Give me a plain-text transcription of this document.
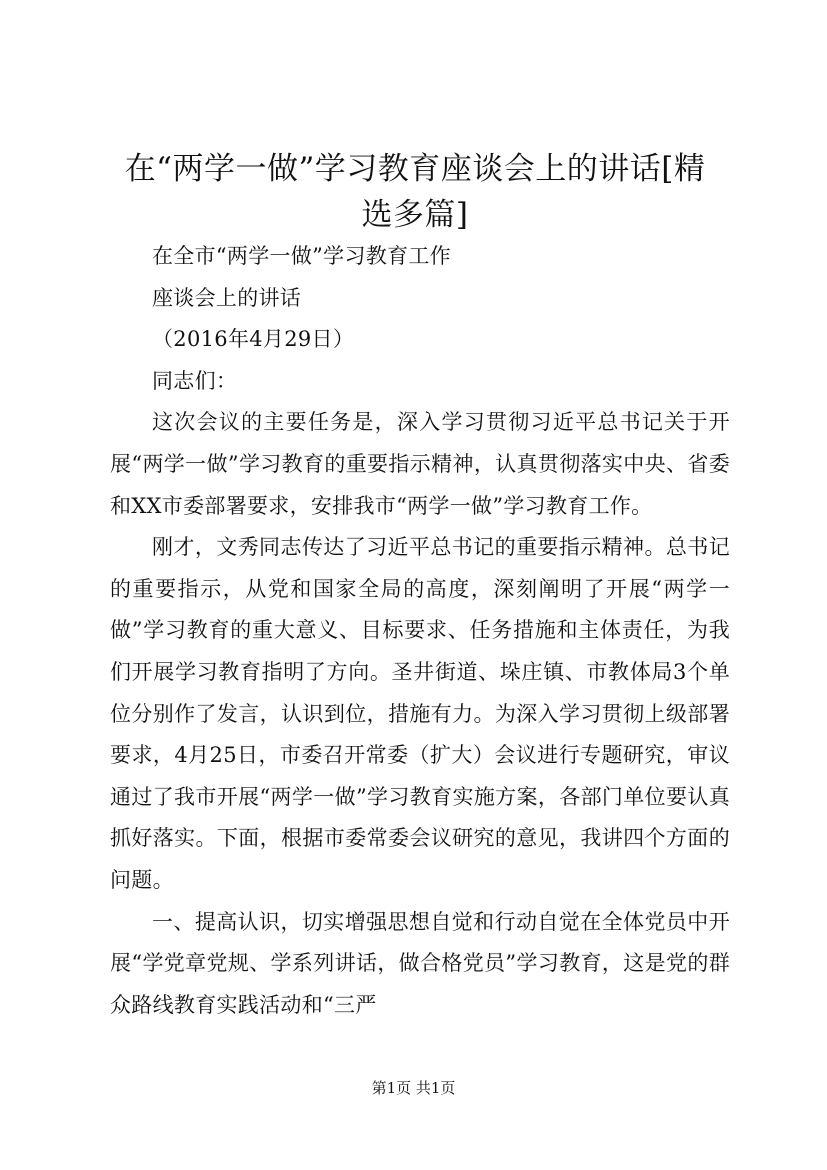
在“两学一做”学习教育座谈会上的讲话[精选多篇]

在全市“两学一做”学习教育工作

座谈会上的讲话

（2016年4月29日）

同志们：

这次会议的主要任务是，深入学习贯彻习近平总书记关于开展“两学一做”学习教育的重要指示精神，认真贯彻落实中央、省委和XX市委部署要求，安排我市“两学一做”学习教育工作。

刚才，文秀同志传达了习近平总书记的重要指示精神。总书记的重要指示，从党和国家全局的高度，深刻阐明了开展“两学一做”学习教育的重大意义、目标要求、任务措施和主体责任，为我们开展学习教育指明了方向。圣井街道、垛庄镇、市教体局3个单位分别作了发言，认识到位，措施有力。为深入学习贯彻上级部署要求，4月25日，市委召开常委（扩大）会议进行专题研究，审议通过了我市开展“两学一做”学习教育实施方案，各部门单位要认真抓好落实。下面，根据市委常委会议研究的意见，我讲四个方面的问题。

一、提高认识，切实增强思想自觉和行动自觉在全体党员中开展“学党章党规、学系列讲话，做合格党员”学习教育，这是党的群众路线教育实践活动和“三严

第1页 共1页
